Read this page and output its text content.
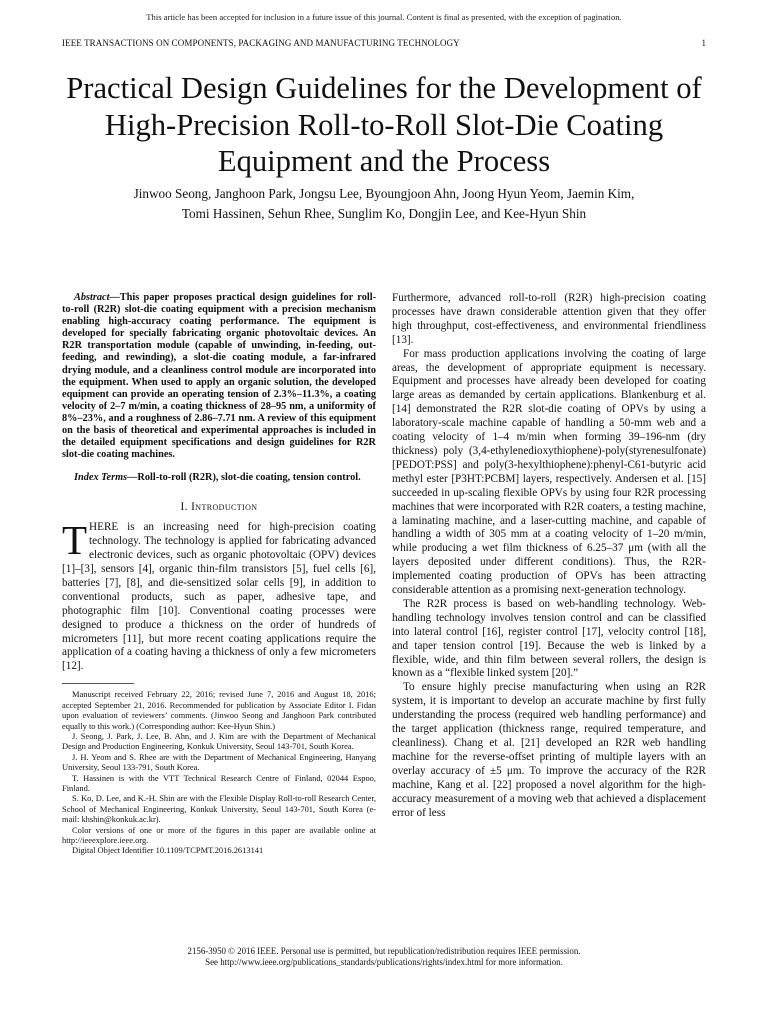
This article has been accepted for inclusion in a future issue of this journal. Content is final as presented, with the exception of pagination.
IEEE TRANSACTIONS ON COMPONENTS, PACKAGING AND MANUFACTURING TECHNOLOGY	1
Practical Design Guidelines for the Development of High-Precision Roll-to-Roll Slot-Die Coating Equipment and the Process
Jinwoo Seong, Janghoon Park, Jongsu Lee, Byoungjoon Ahn, Joong Hyun Yeom, Jaemin Kim,
Tomi Hassinen, Sehun Rhee, Sunglim Ko, Dongjin Lee, and Kee-Hyun Shin

Abstract—This paper proposes practical design guidelines for roll-to-roll (R2R) slot-die coating equipment with a precision mechanism enabling high-accuracy coating performance. The equipment is developed for specially fabricating organic photovoltaic devices. An R2R transportation module (capable of unwinding, in-feeding, out-feeding, and rewinding), a slot-die coating module, a far-infrared drying module, and a cleanliness control module are incorporated into the equipment. When used to apply an organic solution, the developed equipment can provide an operating tension of 2.3%–11.3%, a coating velocity of 2–7 m/min, a coating thickness of 28–95 nm, a uniformity of 8%–23%, and a roughness of 2.86–7.71 nm. A review of this equipment on the basis of theoretical and experimental approaches is included in the detailed equipment specifications and design guidelines for R2R slot-die coating machines.

Index Terms—Roll-to-roll (R2R), slot-die coating, tension control.

I. Introduction

THERE is an increasing need for high-precision coating technology. The technology is applied for fabricating advanced electronic devices, such as organic photovoltaic (OPV) devices [1]–[3], sensors [4], organic thin-film transistors [5], fuel cells [6], batteries [7], [8], and die-sensitized solar cells [9], in addition to conventional products, such as paper, adhesive tape, and photographic film [10]. Conventional coating processes were designed to produce a thickness on the order of hundreds of micrometers [11], but more recent coating applications require the application of a coating having a thickness of only a few micrometers [12].

Manuscript received February 22, 2016; revised June 7, 2016 and August 18, 2016; accepted September 21, 2016. Recommended for publication by Associate Editor I. Fidan upon evaluation of reviewers’ comments. (Jinwoo Seong and Janghoon Park contributed equally to this work.) (Corresponding author: Kee-Hyun Shin.)

J. Seong, J. Park, J. Lee, B. Ahn, and J. Kim are with the Department of Mechanical Design and Production Engineering, Konkuk University, Seoul 143-701, South Korea.

J. H. Yeom and S. Rhee are with the Department of Mechanical Engineering, Hanyang University, Seoul 133-791, South Korea.

T. Hassinen is with the VTT Technical Research Centre of Finland, 02044 Espoo, Finland.

S. Ko, D. Lee, and K.-H. Shin are with the Flexible Display Roll-to-roll Research Center, School of Mechanical Engineering, Konkuk University, Seoul 143-701, South Korea (e-mail: khshin@konkuk.ac.kr).

Color versions of one or more of the figures in this paper are available online at http://ieeexplore.ieee.org.

Digital Object Identifier 10.1109/TCPMT.2016.2613141

Furthermore, advanced roll-to-roll (R2R) high-precision coating processes have drawn considerable attention given that they offer high throughput, cost-effectiveness, and environmental friendliness [13].

For mass production applications involving the coating of large areas, the development of appropriate equipment is necessary. Equipment and processes have already been developed for coating large areas as demanded by certain applications. Blankenburg et al. [14] demonstrated the R2R slot-die coating of OPVs by using a laboratory-scale machine capable of handling a 50-mm web and a coating velocity of 1–4 m/min when forming 39–196-nm (dry thickness) poly (3,4-ethylenedioxythiophene)-poly(styrenesulfonate) [PEDOT:PSS] and poly(3-hexylthiophene):phenyl-C61-butyric acid methyl ester [P3HT:PCBM] layers, respectively. Andersen et al. [15] succeeded in up-scaling flexible OPVs by using four R2R processing machines that were incorporated with R2R coaters, a testing machine, a laminating machine, and a laser-cutting machine, and capable of handling a width of 305 mm at a coating velocity of 1–20 m/min, while producing a wet film thickness of 6.25–37 μm (with all the layers deposited under different conditions). Thus, the R2R-implemented coating production of OPVs has been attracting considerable attention as a promising next-generation technology.

The R2R process is based on web-handling technology. Web-handling technology involves tension control and can be classified into lateral control [16], register control [17], velocity control [18], and taper tension control [19]. Because the web is linked by a flexible, wide, and thin film between several rollers, the design is known as a “flexible linked system [20].”

To ensure highly precise manufacturing when using an R2R system, it is important to develop an accurate machine by first fully understanding the process (required web handling performance) and the target application (thickness range, required temperature, and cleanliness). Chang et al. [21] developed an R2R web handling machine for the reverse-offset printing of multiple layers with an overlay accuracy of ±5 μm. To improve the accuracy of the R2R machine, Kang et al. [22] proposed a novel algorithm for the high-accuracy measurement of a moving web that achieved a displacement error of less

2156-3950 © 2016 IEEE. Personal use is permitted, but republication/redistribution requires IEEE permission.
See http://www.ieee.org/publications_standards/publications/rights/index.html for more information.
